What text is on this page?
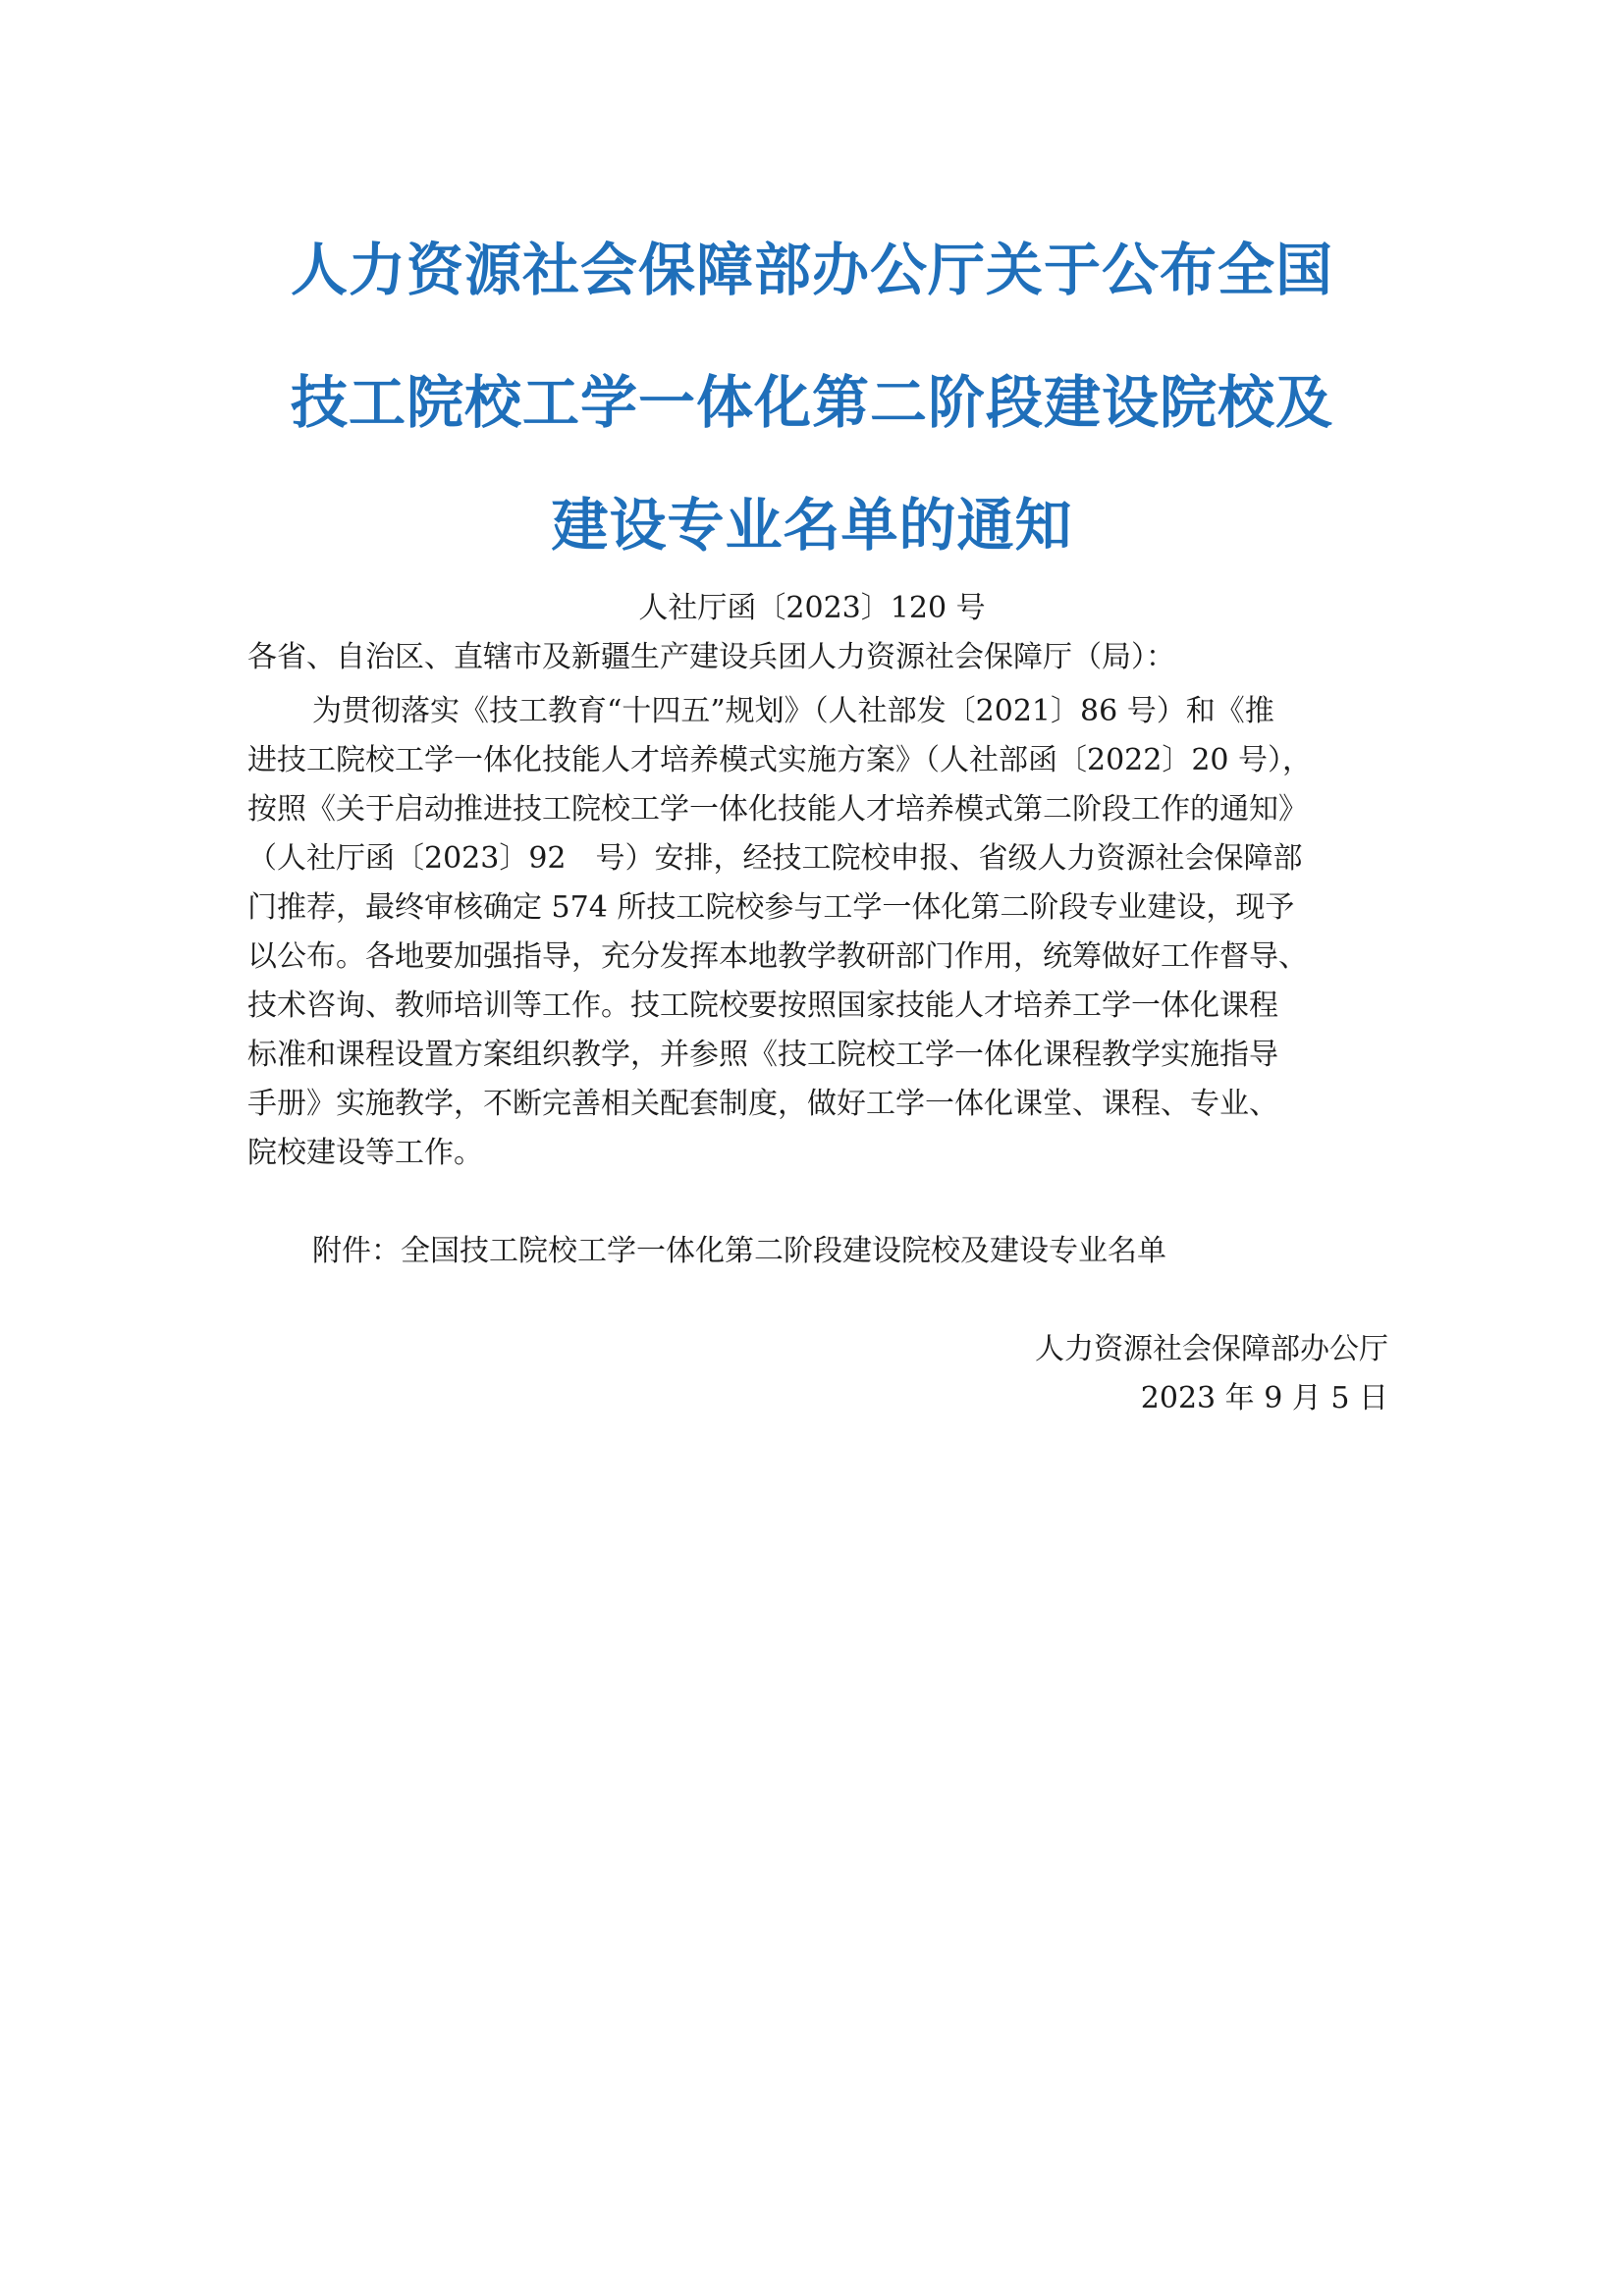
人力资源社会保障部办公厅关于公布全国
技工院校工学一体化第二阶段建设院校及
建设专业名单的通知
人社厅函〔2023〕120 号
各省、自治区、直辖市及新疆生产建设兵团人力资源社会保障厅（局）：
为贯彻落实《技工教育“十四五”规划》（人社部发〔2021〕86 号）和《推
进技工院校工学一体化技能人才培养模式实施方案》（人社部函〔2022〕20 号），
按照《关于启动推进技工院校工学一体化技能人才培养模式第二阶段工作的通知》
（人社厅函〔2023〕92　号）安排，经技工院校申报、省级人力资源社会保障部
门推荐，最终审核确定 574 所技工院校参与工学一体化第二阶段专业建设，现予
以公布。各地要加强指导，充分发挥本地教学教研部门作用，统筹做好工作督导、
技术咨询、教师培训等工作。技工院校要按照国家技能人才培养工学一体化课程
标准和课程设置方案组织教学，并参照《技工院校工学一体化课程教学实施指导
手册》实施教学，不断完善相关配套制度，做好工学一体化课堂、课程、专业、
院校建设等工作。
附件：全国技工院校工学一体化第二阶段建设院校及建设专业名单
人力资源社会保障部办公厅
2023 年 9 月 5 日
